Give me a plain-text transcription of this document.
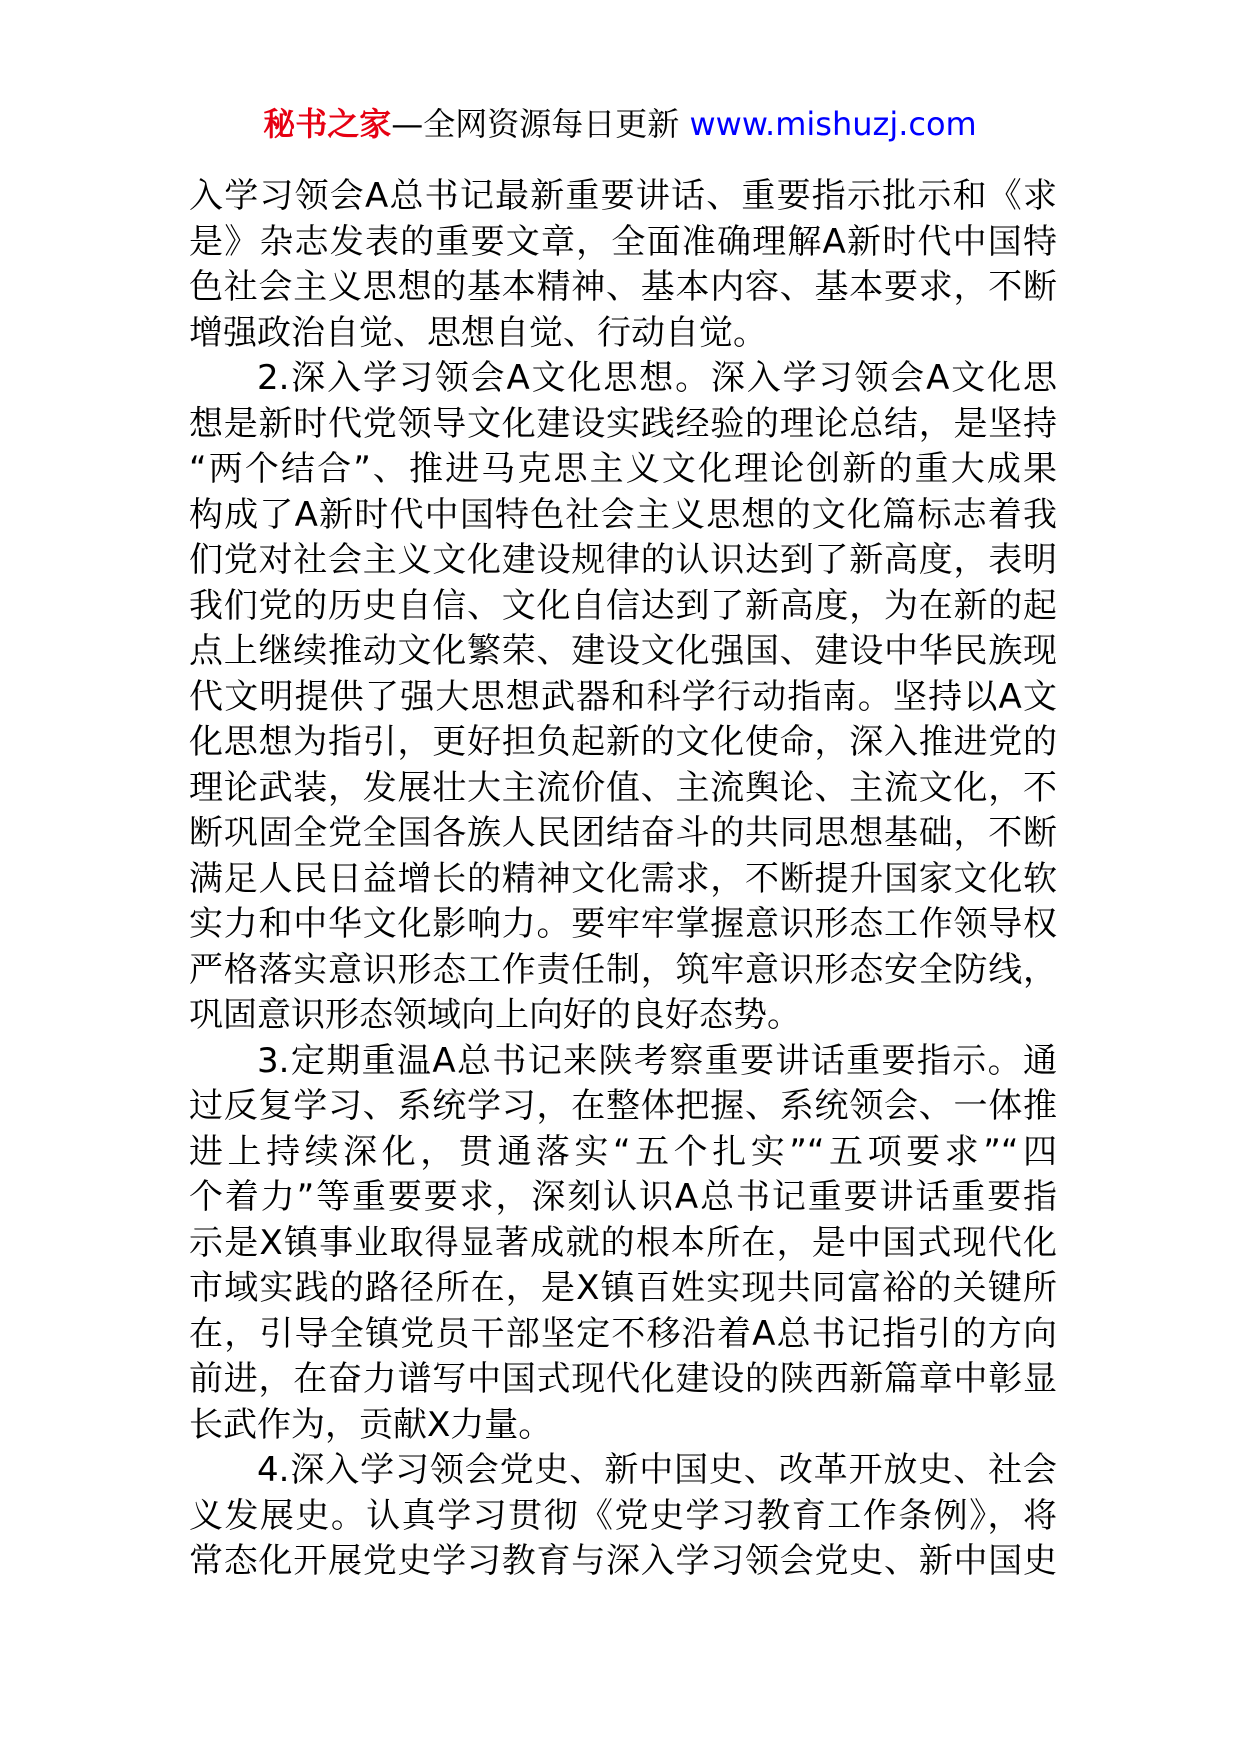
秘书之家—全网资源每日更新 www.mishuzj.com
入学习领会A总书记最新重要讲话、重要指示批示和《求
是》杂志发表的重要文章，全面准确理解A新时代中国特
色社会主义思想的基本精神、基本内容、基本要求，不断
增强政治自觉、思想自觉、行动自觉。
2.深入学习领会A文化思想。深入学习领会A文化思
想是新时代党领导文化建设实践经验的理论总结，是坚持
“两个结合”、推进马克思主义文化理论创新的重大成果
构成了A新时代中国特色社会主义思想的文化篇标志着我
们党对社会主义文化建设规律的认识达到了新高度，表明
我们党的历史自信、文化自信达到了新高度，为在新的起
点上继续推动文化繁荣、建设文化强国、建设中华民族现
代文明提供了强大思想武器和科学行动指南。坚持以A文
化思想为指引，更好担负起新的文化使命，深入推进党的
理论武装，发展壮大主流价值、主流舆论、主流文化，不
断巩固全党全国各族人民团结奋斗的共同思想基础，不断
满足人民日益增长的精神文化需求，不断提升国家文化软
实力和中华文化影响力。要牢牢掌握意识形态工作领导权
严格落实意识形态工作责任制，筑牢意识形态安全防线，
巩固意识形态领域向上向好的良好态势。
3.定期重温A总书记来陕考察重要讲话重要指示。通
过反复学习、系统学习，在整体把握、系统领会、一体推
进上持续深化，贯通落实“五个扎实”“五项要求”“四
个着力”等重要要求，深刻认识A总书记重要讲话重要指
示是X镇事业取得显著成就的根本所在，是中国式现代化
市域实践的路径所在，是X镇百姓实现共同富裕的关键所
在，引导全镇党员干部坚定不移沿着A总书记指引的方向
前进，在奋力谱写中国式现代化建设的陕西新篇章中彰显
长武作为，贡献X力量。
4.深入学习领会党史、新中国史、改革开放史、社会
义发展史。认真学习贯彻《党史学习教育工作条例》，将
常态化开展党史学习教育与深入学习领会党史、新中国史
